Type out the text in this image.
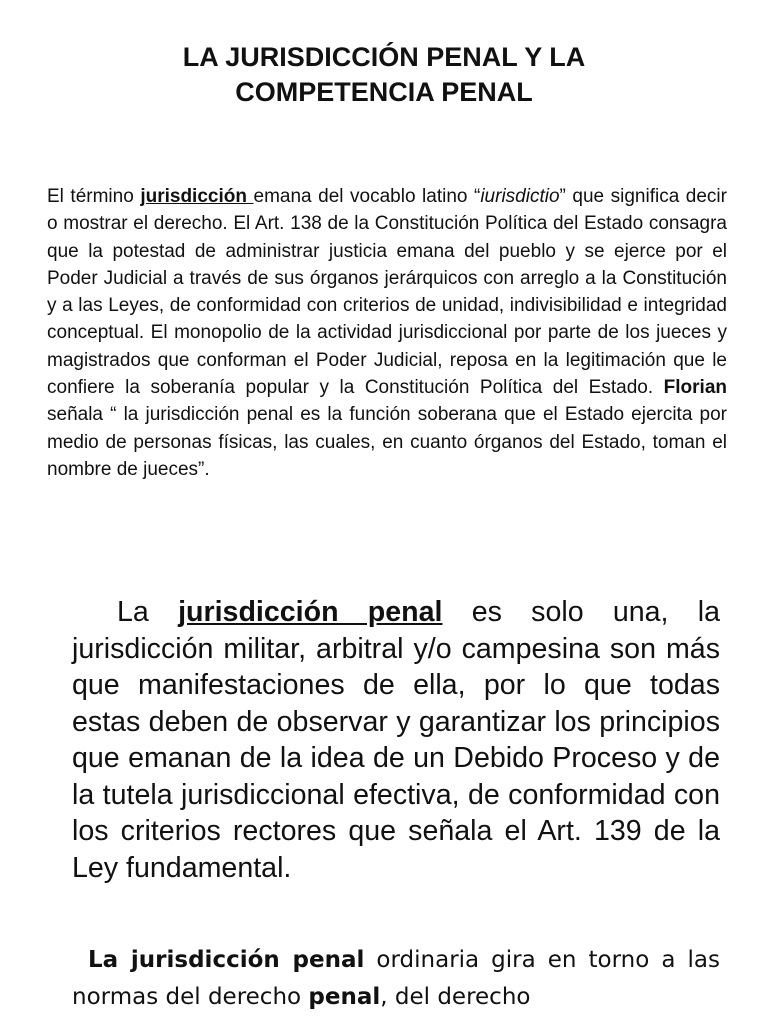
LA JURISDICCIÓN PENAL Y LA
COMPETENCIA PENAL

El término jurisdicción emana del vocablo latino “iurisdictio” que significa decir o mostrar el derecho. El Art. 138 de la Constitución Política del Estado consagra que la potestad de administrar justicia emana del pueblo y se ejerce por el Poder Judicial a través de sus órganos jerárquicos con arreglo a la Constitución y a las Leyes, de conformidad con criterios de unidad, indivisibilidad e integridad conceptual. El monopolio de la actividad jurisdiccional por parte de los jueces y magistrados que conforman el Poder Judicial, reposa en la legitimación que le confiere la soberanía popular y la Constitución Política del Estado. Florian señala “ la jurisdicción penal es la función soberana que el Estado ejercita por medio de personas físicas, las cuales, en cuanto órganos del Estado, toman el nombre de jueces”.

La jurisdicción penal es solo una, la jurisdicción militar, arbitral y/o campesina son más que manifestaciones de ella, por lo que todas estas deben de observar y garantizar los principios que emanan de la idea de un Debido Proceso y de la tutela jurisdiccional efectiva, de conformidad con los criterios rectores que señala el Art. 139 de la Ley fundamental.

La jurisdicción penal ordinaria gira en torno a las normas del derecho penal, del derecho
